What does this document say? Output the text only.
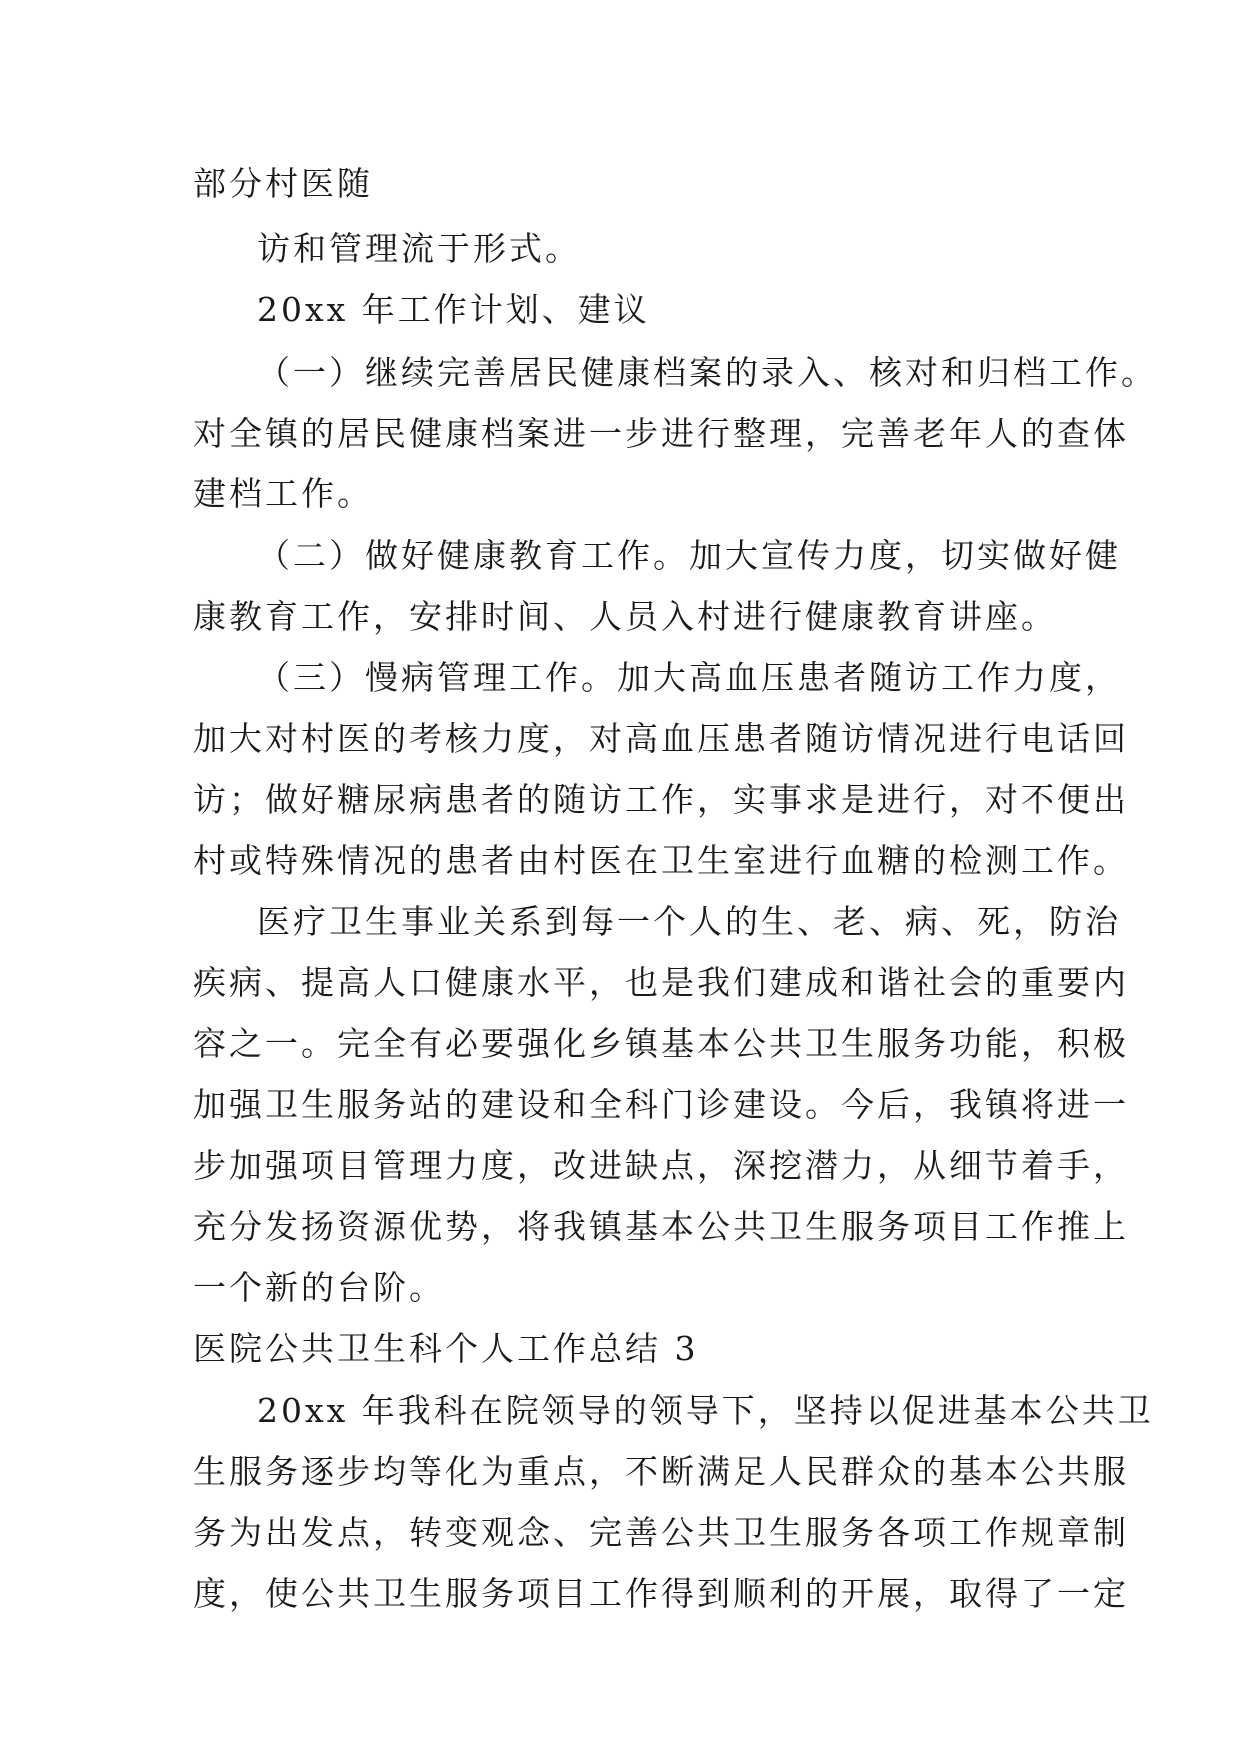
部分村医随
访和管理流于形式。
20xx 年工作计划、建议
（一）继续完善居民健康档案的录入、核对和归档工作。
对全镇的居民健康档案进一步进行整理，完善老年人的查体
建档工作。
（二）做好健康教育工作。加大宣传力度，切实做好健
康教育工作，安排时间、人员入村进行健康教育讲座。
（三）慢病管理工作。加大高血压患者随访工作力度，
加大对村医的考核力度，对高血压患者随访情况进行电话回
访；做好糖尿病患者的随访工作，实事求是进行，对不便出
村或特殊情况的患者由村医在卫生室进行血糖的检测工作。
医疗卫生事业关系到每一个人的生、老、病、死，防治
疾病、提高人口健康水平，也是我们建成和谐社会的重要内
容之一。完全有必要强化乡镇基本公共卫生服务功能，积极
加强卫生服务站的建设和全科门诊建设。今后，我镇将进一
步加强项目管理力度，改进缺点，深挖潜力，从细节着手，
充分发扬资源优势，将我镇基本公共卫生服务项目工作推上
一个新的台阶。
医院公共卫生科个人工作总结 3
20xx 年我科在院领导的领导下，坚持以促进基本公共卫
生服务逐步均等化为重点，不断满足人民群众的基本公共服
务为出发点，转变观念、完善公共卫生服务各项工作规章制
度，使公共卫生服务项目工作得到顺利的开展，取得了一定
